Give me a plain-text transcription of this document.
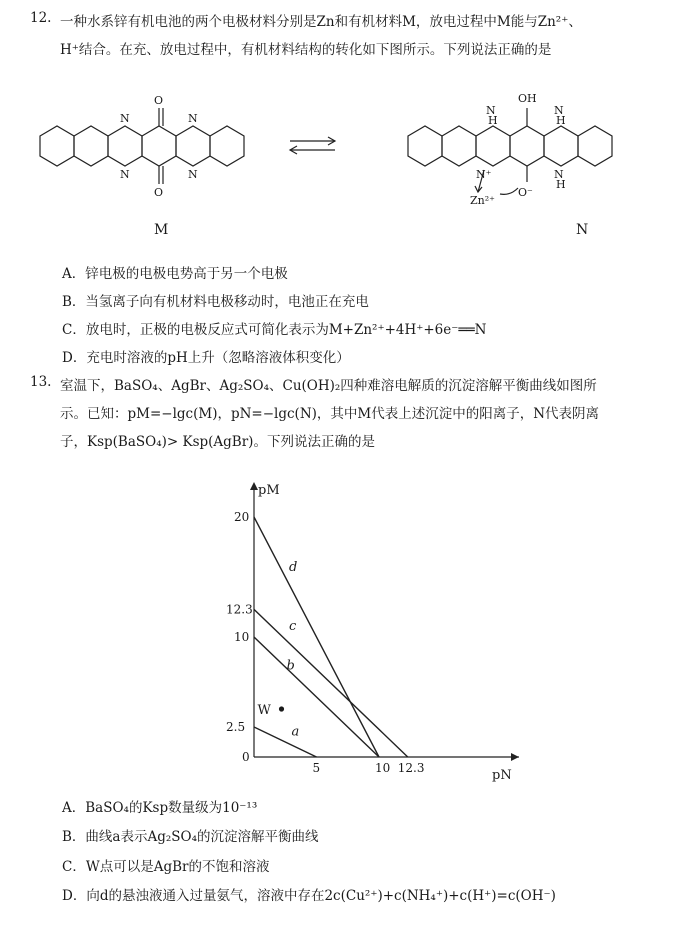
12. 一种水系锌有机电池的两个电极材料分别是Zn和有机材料M，放电过程中M能与Zn²⁺、
H⁺结合。在充、放电过程中，有机材料结构的转化如下图所示。下列说法正确的是
O
O
N	N
N	N
OH
N
H
N
H
N⁺	N
H
O⁻
Zn²⁺
M	N
A．锌电极的电极电势高于另一个电极
B．当氢离子向有机材料电极移动时，电池正在充电
C．放电时，正极的电极反应式可简化表示为M+Zn²⁺+4H⁺+6e⁻══N
D．充电时溶液的pH上升（忽略溶液体积变化）
13. 室温下，BaSO₄、AgBr、Ag₂SO₄、Cu(OH)₂四种难溶电解质的沉淀溶解平衡曲线如图所
示。已知：pM=−lgc(M)，pN=−lgc(N)，其中M代表上述沉淀中的阳离子，N代表阴离
子，Ksp(BaSO₄)> Ksp(AgBr)。下列说法正确的是
pM
pN
0
5	10 12.3
2.5
10
12.3
20
a
b
c
d
W
A．BaSO₄的Ksp数量级为10⁻¹³
B．曲线a表示Ag₂SO₄的沉淀溶解平衡曲线
C．W点可以是AgBr的不饱和溶液
D．向d的悬浊液通入过量氨气，溶液中存在2c(Cu²⁺)+c(NH₄⁺)+c(H⁺)=c(OH⁻)
